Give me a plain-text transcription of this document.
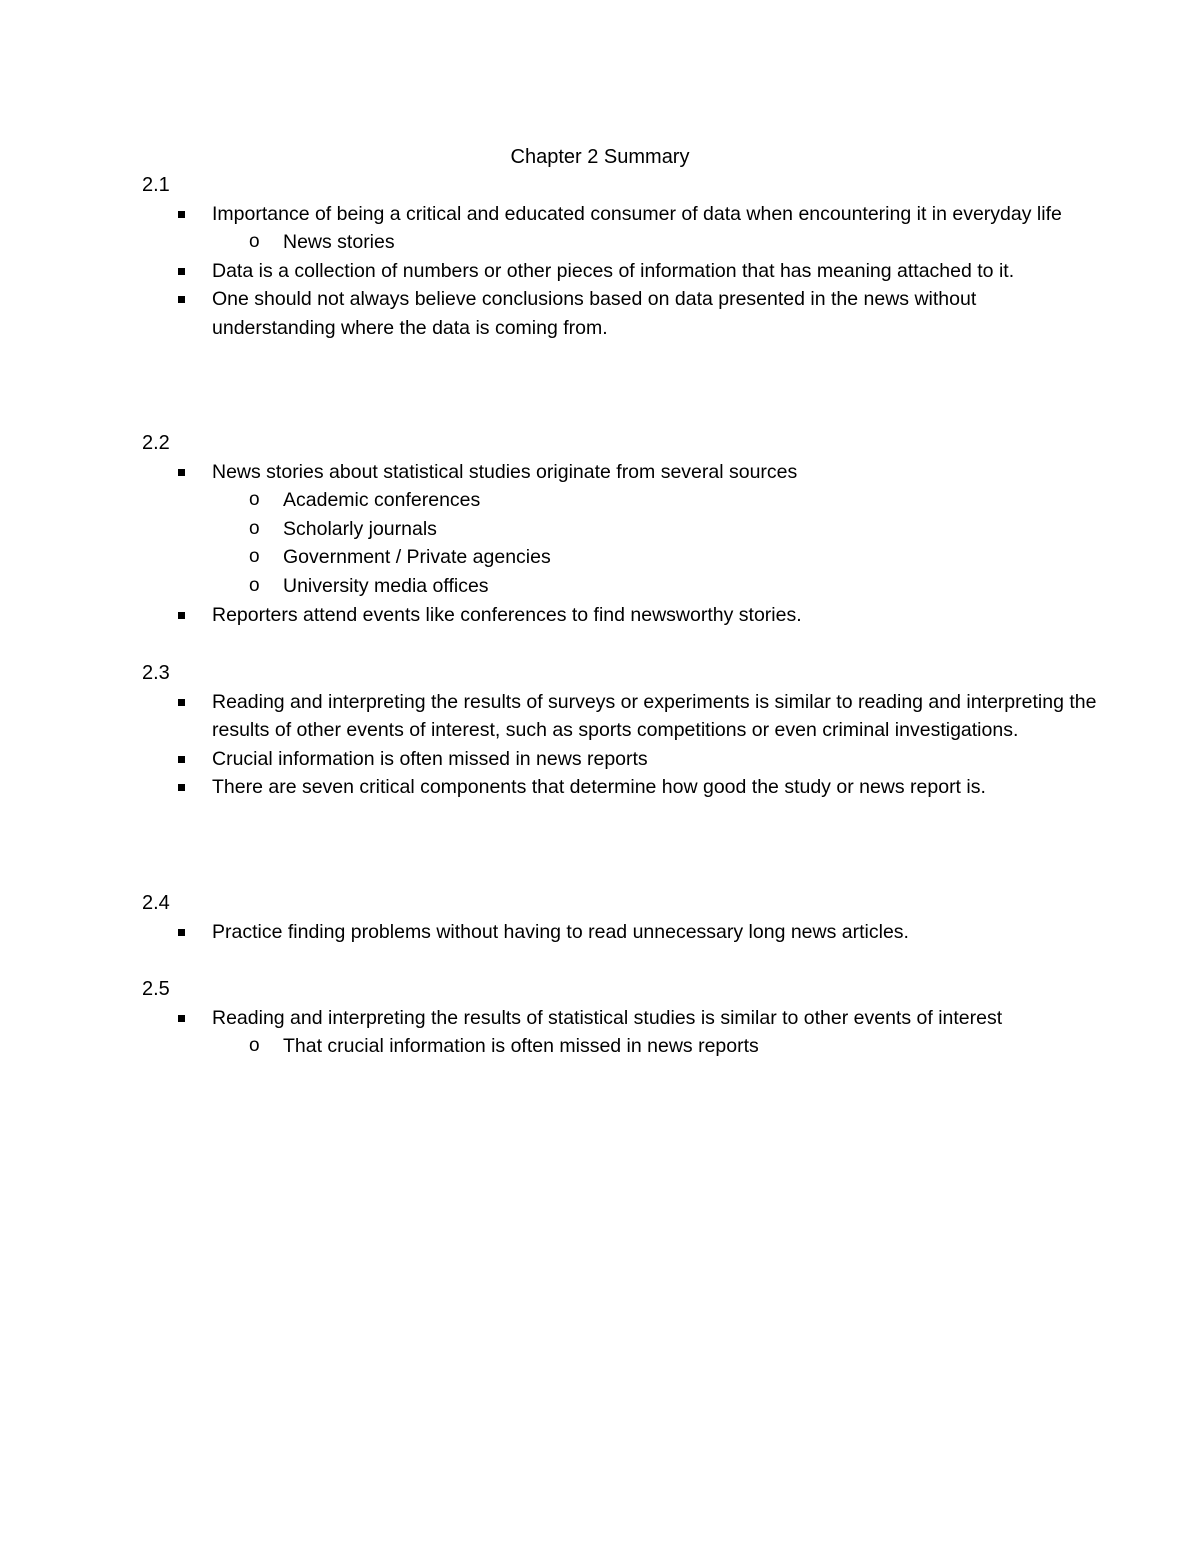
Chapter 2 Summary
2.1
Importance of being a critical and educated consumer of data when encountering it in everyday life
o News stories
Data is a collection of numbers or other pieces of information that has meaning attached to it.
One should not always believe conclusions based on data presented in the news without understanding where the data is coming from.
2.2
News stories about statistical studies originate from several sources
o Academic conferences
o Scholarly journals
o Government / Private agencies
o University media offices
Reporters attend events like conferences to find newsworthy stories.
2.3
Reading and interpreting the results of surveys or experiments is similar to reading and interpreting the results of other events of interest, such as sports competitions or even criminal investigations.
Crucial information is often missed in news reports
There are seven critical components that determine how good the study or news report is.
2.4
Practice finding problems without having to read unnecessary long news articles.
2.5
Reading and interpreting the results of statistical studies is similar to other events of interest
o That crucial information is often missed in news reports
